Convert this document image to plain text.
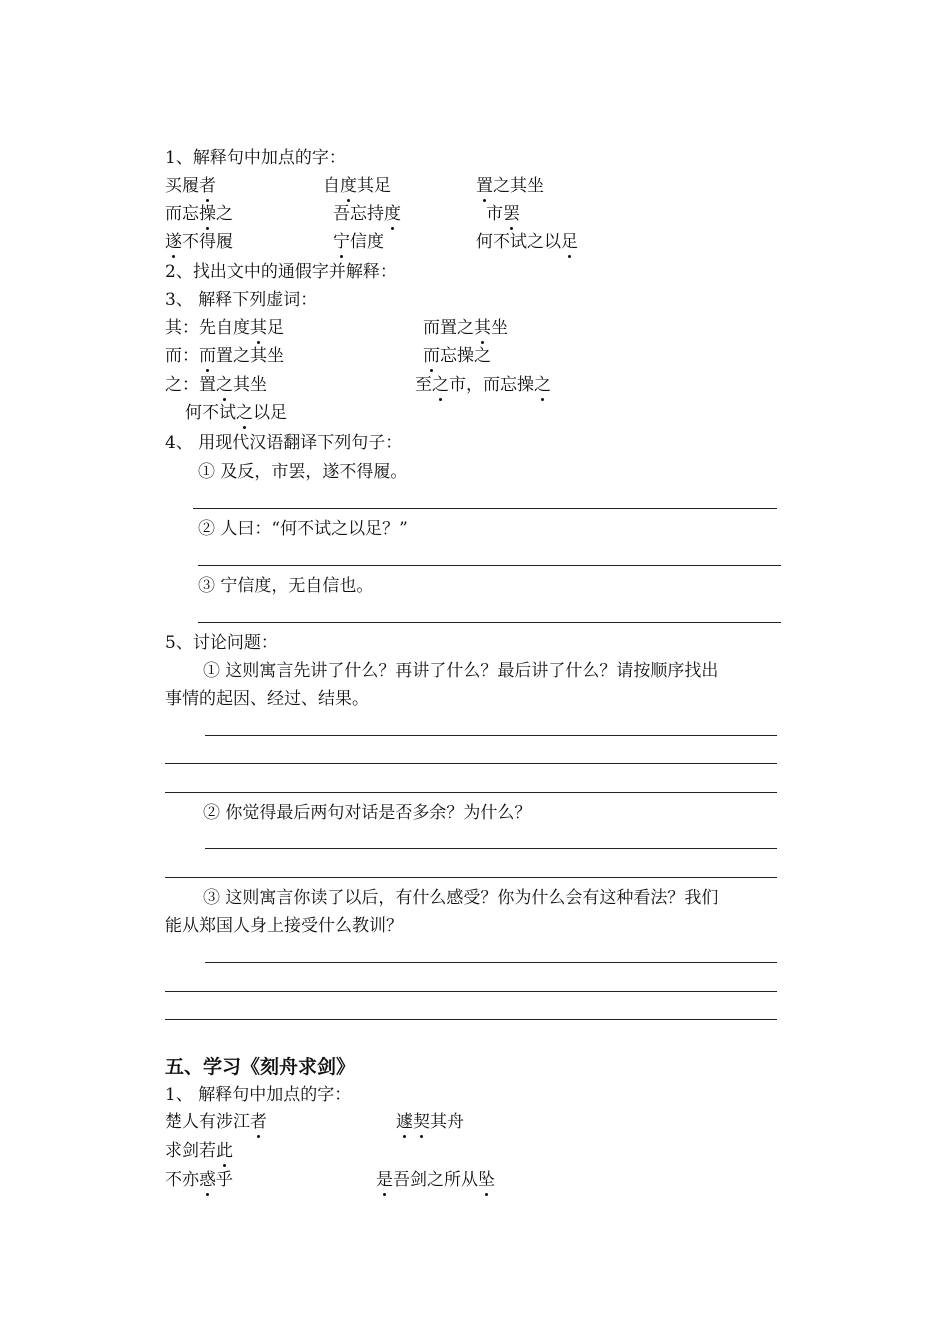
1、解释句中加点的字：
买履者	自度其足	置之其坐
而忘操之	吾忘持度	市罢
遂不得履	宁信度	何不试之以足
2、找出文中的通假字并解释：
3、 解释下列虚词：
其：先自度其足	而置之其坐
而：而置之其坐	而忘操之
之：置之其坐	至之市，而忘操之
何不试之以足
4、 用现代汉语翻译下列句子：
① 及反，市罢，遂不得履。
② 人曰：“何不试之以足？”
③ 宁信度，无自信也。
5、讨论问题：
① 这则寓言先讲了什么？再讲了什么？最后讲了什么？请按顺序找出
事情的起因、经过、结果。
② 你觉得最后两句对话是否多余？为什么？
③ 这则寓言你读了以后，有什么感受？你为什么会有这种看法？我们
能从郑国人身上接受什么教训？
五、学习《刻舟求剑》
1、 解释句中加点的字：
楚人有涉江者	遽契其舟
求剑若此
不亦惑乎	是吾剑之所从坠
